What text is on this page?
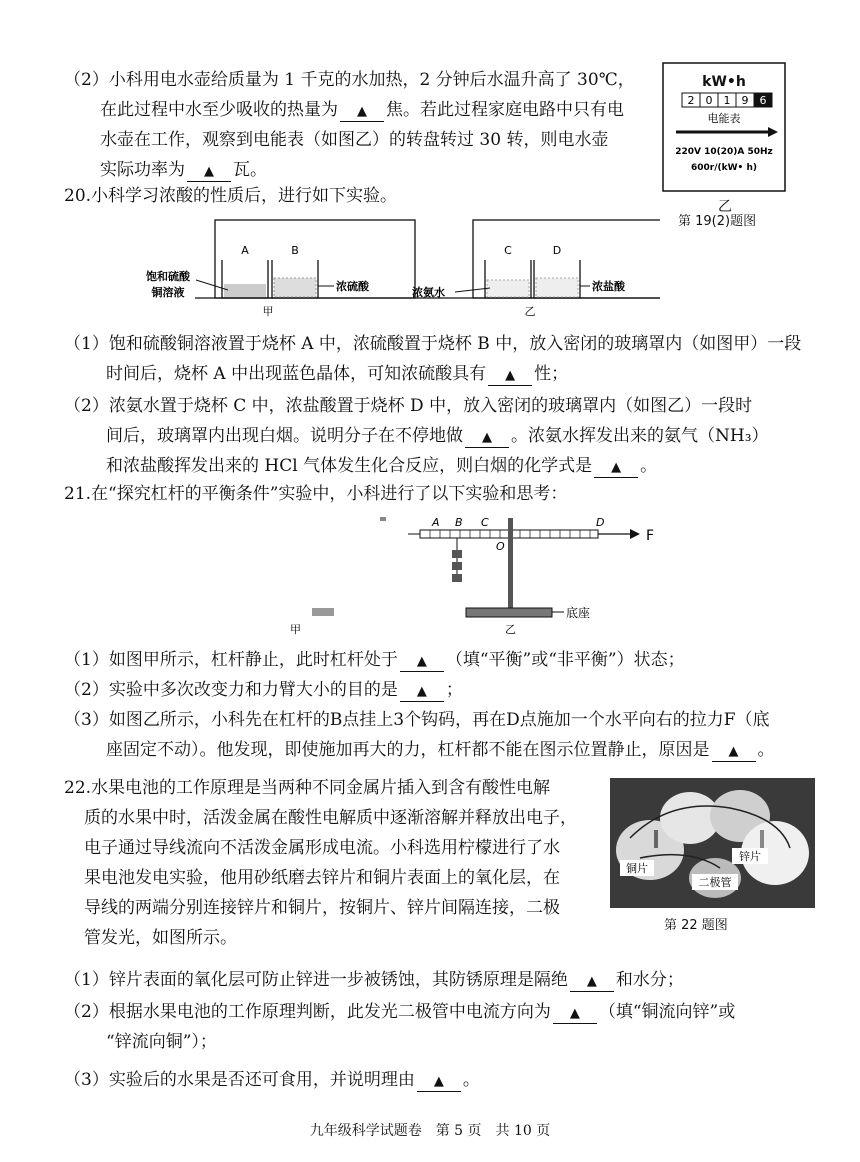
（2）小科用电水壶给质量为 1 千克的水加热，2 分钟后水温升高了 30℃，
在此过程中水至少吸收的热量为 ▲ 焦。若此过程家庭电路中只有电
水壶在工作，观察到电能表（如图乙）的转盘转过 30 转，则电水壶
实际功率为 ▲ 瓦。
kW•h
2 0 1 9 6
电能表
220V 10(20)A 50Hz
600r/(kW• h)
乙
第 19(2)题图
20.小科学习浓酸的性质后，进行如下实验。
A	B
饱和硫酸
铜溶液	浓硫酸
甲
C	D
浓氨水	浓盐酸
乙
（1）饱和硫酸铜溶液置于烧杯 A 中，浓硫酸置于烧杯 B 中，放入密闭的玻璃罩内（如图甲）一段
时间后，烧杯 A 中出现蓝色晶体，可知浓硫酸具有 ▲ 性；
（2）浓氨水置于烧杯 C 中，浓盐酸置于烧杯 D 中，放入密闭的玻璃罩内（如图乙）一段时
间后，玻璃罩内出现白烟。说明分子在不停地做 ▲ 。浓氨水挥发出来的氨气（NH₃）
和浓盐酸挥发出来的 HCl 气体发生化合反应，则白烟的化学式是 ▲ 。
21.在“探究杠杆的平衡条件”实验中，小科进行了以下实验和思考：
F
A B C
O
D
底座
甲	乙
（1）如图甲所示，杠杆静止，此时杠杆处于 ▲ （填“平衡”或“非平衡”）状态；
（2）实验中多次改变力和力臂大小的目的是 ▲ ；
（3）如图乙所示，小科先在杠杆的B点挂上3个钩码，再在D点施加一个水平向右的拉力F（底
座固定不动）。他发现，即使施加再大的力，杠杆都不能在图示位置静止，原因是 ▲ 。
22.水果电池的工作原理是当两种不同金属片插入到含有酸性电解
质的水果中时，活泼金属在酸性电解质中逐渐溶解并释放出电子，
电子通过导线流向不活泼金属形成电流。小科选用柠檬进行了水
果电池发电实验，他用砂纸磨去锌片和铜片表面上的氧化层，在
导线的两端分别连接锌片和铜片，按铜片、锌片间隔连接，二极
管发光，如图所示。
铜片
锌片
二极管
第 22 题图
（1）锌片表面的氧化层可防止锌进一步被锈蚀，其防锈原理是隔绝 ▲ 和水分；
（2）根据水果电池的工作原理判断，此发光二极管中电流方向为 ▲ （填“铜流向锌”或
“锌流向铜”）；
（3）实验后的水果是否还可食用，并说明理由 ▲ 。
九年级科学试题卷　第 5 页　共 10 页
